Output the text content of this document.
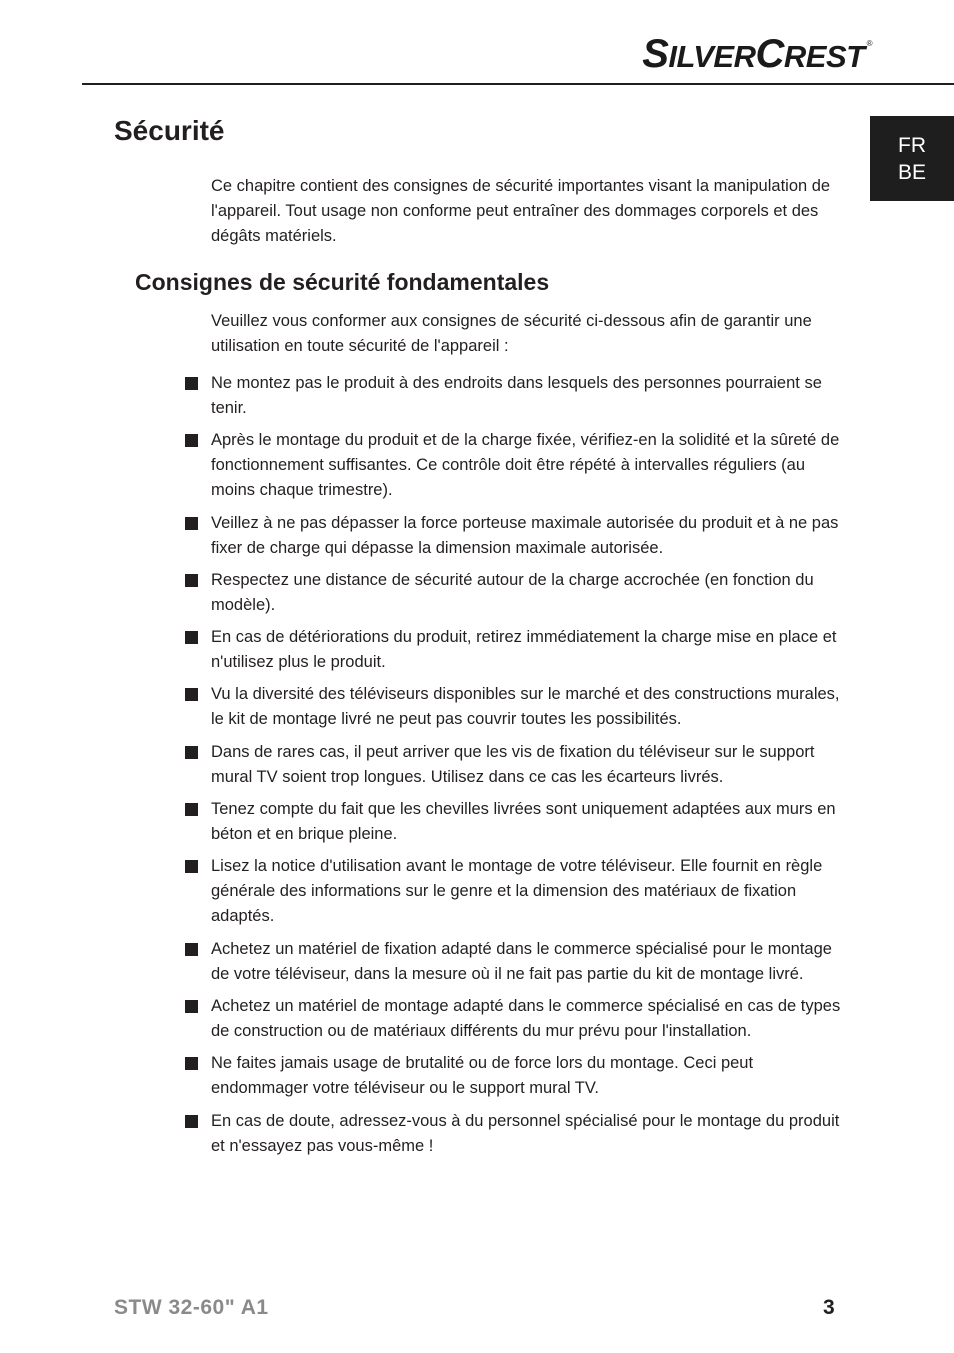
SILVERCREST ®
FR
BE
Sécurité

Ce chapitre contient des consignes de sécurité importantes visant la manipulation de l'appareil. Tout usage non conforme peut entraîner des dommages corporels et des dégâts matériels.

Consignes de sécurité fondamentales

Veuillez vous conformer aux consignes de sécurité ci-dessous afin de garantir une utilisation en toute sécurité de l'appareil :

Ne montez pas le produit à des endroits dans lesquels des personnes pourraient se tenir.
Après le montage du produit et de la charge fixée, vérifiez-en la solidité et la sûreté de fonctionnement suffisantes. Ce contrôle doit être répété à intervalles réguliers (au moins chaque trimestre).
Veillez à ne pas dépasser la force porteuse maximale autorisée du produit et à ne pas fixer de charge qui dépasse la dimension maximale autorisée.
Respectez une distance de sécurité autour de la charge accrochée (en fonction du modèle).
En cas de détériorations du produit, retirez immédiatement la charge mise en place et n'utilisez plus le produit.
Vu la diversité des téléviseurs disponibles sur le marché et des constructions murales, le kit de montage livré ne peut pas couvrir toutes les possibilités.
Dans de rares cas, il peut arriver que les vis de fixation du téléviseur sur le support mural TV soient trop longues. Utilisez dans ce cas les écarteurs livrés.
Tenez compte du fait que les chevilles livrées sont uniquement adaptées aux murs en béton et en brique pleine.
Lisez la notice d'utilisation avant le montage de votre téléviseur. Elle fournit en règle générale des informations sur le genre et la dimension des matériaux de fixation adaptés.
Achetez un matériel de fixation adapté dans le commerce spécialisé pour le montage de votre téléviseur, dans la mesure où il ne fait pas partie du kit de montage livré.
Achetez un matériel de montage adapté dans le commerce spécialisé en cas de types de construction ou de matériaux différents du mur prévu pour l'installation.
Ne faites jamais usage de brutalité ou de force lors du montage. Ceci peut endommager votre téléviseur ou le support mural TV.
En cas de doute, adressez-vous à du personnel spécialisé pour le montage du produit et n'essayez pas vous-même !
STW 32-60" A1	3
